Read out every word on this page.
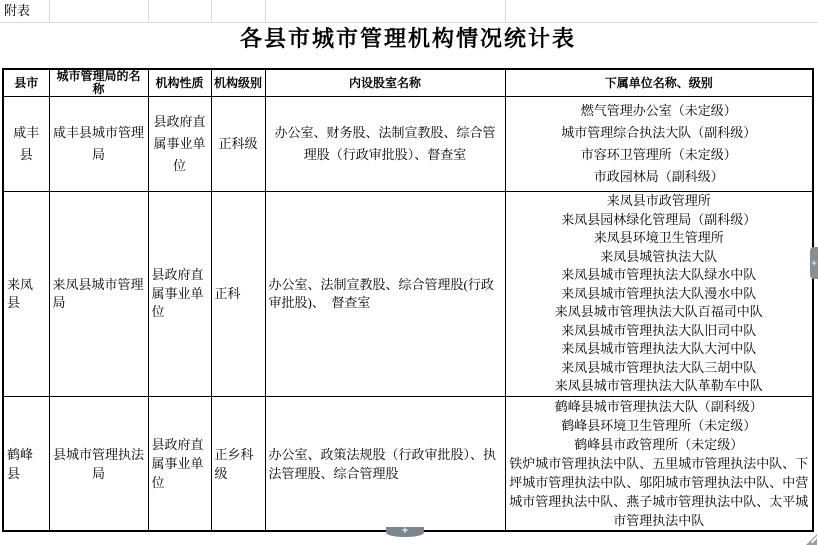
附表
各县市城市管理机构情况统计表
县市	城市管理局的名称	机构性质	机构级别	内设股室名称	下属单位名称、级别
咸丰县	咸丰县城市管理局	县政府直属事业单位	正科级	办公室、财务股、法制宣教股、综合管理股（行政审批股）、督查室	燃气管理办公室（未定级）
城市管理综合执法大队（副科级）
市容环卫管理所（未定级）
市政园林局（副科级）

来凤县	来凤县城市管理局	县政府直属事业单位	正科	办公室、法制宣教股、综合管理股(行政审批股)、　督查室	
来凤县市政管理所
来凤县园林绿化管理局（副科级）
来凤县环境卫生管理所
来凤县城管执法大队
来凤县城市管理执法大队绿水中队
来凤县城市管理执法大队漫水中队
来凤县城市管理执法大队百福司中队
来凤县城市管理执法大队旧司中队
来凤县城市管理执法大队大河中队
来凤县城市管理执法大队三胡中队
来凤县城市管理执法大队革勒车中队

鹤峰县	县城市管理执法局	县政府直属事业单位	正乡科级	办公室、政策法规股（行政审批股）、执法管理股、综合管理股	鹤峰县城市管理执法大队（副科级）
鹤峰县环境卫生管理所（未定级）
鹤峰县市政管理所（未定级）
铁炉城市管理执法中队、五里城市管理执法中队、下坪城市管理执法中队、邬阳城市管理执法中队、中营城市管理执法中队、燕子城市管理执法中队、太平城市管理执法中队
+
+
